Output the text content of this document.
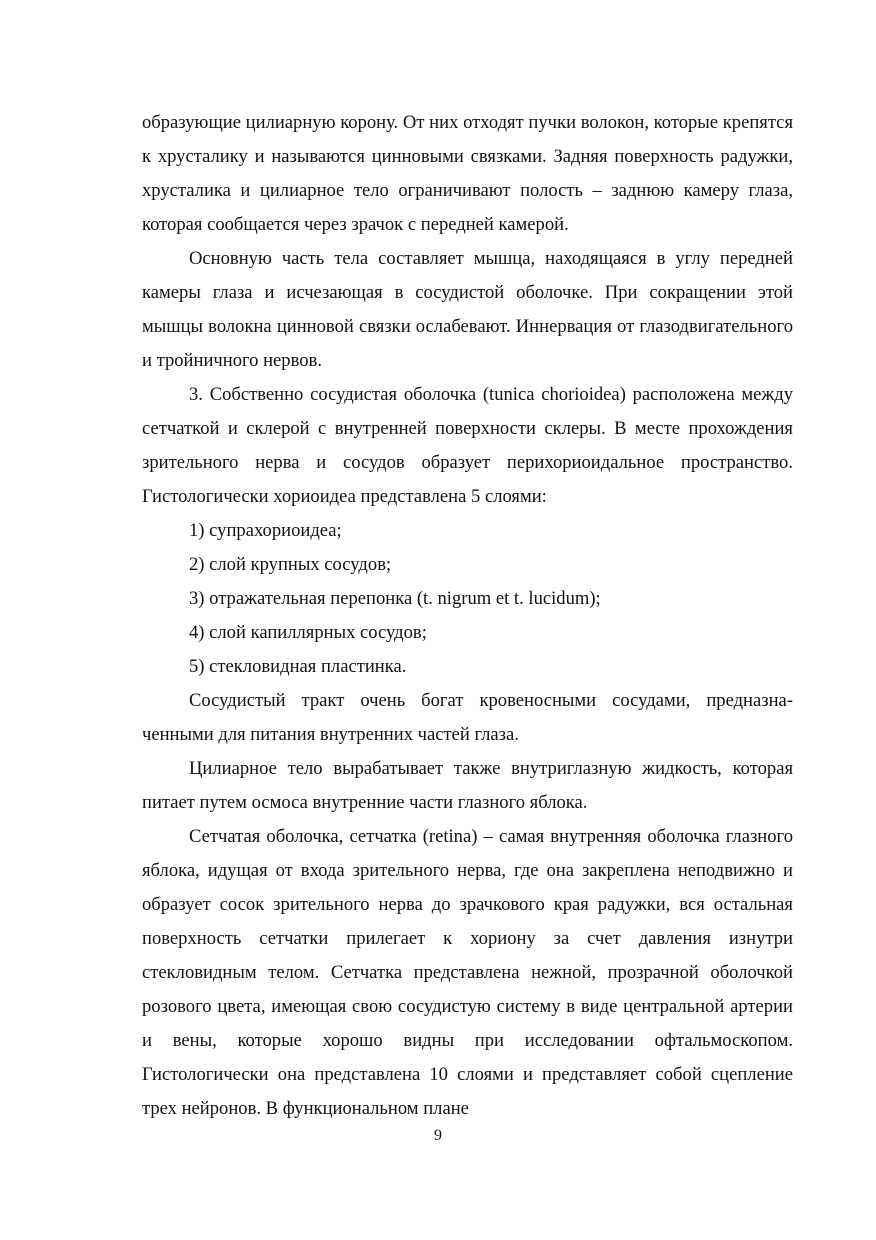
образующие цилиарную корону. От них отходят пучки волокон, которые крепятся к хрусталику и называются цинновыми связками. Задняя поверхность радужки, хрусталика и цилиарное тело ограничивают полость – заднюю камеру глаза, которая сообщается через зрачок с передней камерой.

Основную часть тела составляет мышца, находящаяся в углу передней камеры глаза и исчезающая в сосудистой оболочке. При сокращении этой мышцы волокна цинновой связки ослабевают. Иннервация от глазодвигательного и тройничного нервов.

3. Собственно сосудистая оболочка (tunica chorioidea) расположена между сетчаткой и склерой с внутренней поверхности склеры. В месте прохождения зрительного нерва и сосудов образует перихориоидальное пространство. Гистологически хориоидеа представлена 5 слоями:

1) супрахориоидеа;

2) слой крупных сосудов;

3) отражательная перепонка (t. nigrum et t. lucidum);

4) слой капиллярных сосудов;

5) стекловидная пластинка.

Сосудистый тракт очень богат кровеносными сосудами, предназна-ченными для питания внутренних частей глаза.

Цилиарное тело вырабатывает также внутриглазную жидкость, которая питает путем осмоса внутренние части глазного яблока.

Сетчатая оболочка, сетчатка (retina) – самая внутренняя оболочка глазного яблока, идущая от входа зрительного нерва, где она закреплена неподвижно и образует сосок зрительного нерва до зрачкового края радужки, вся остальная поверхность сетчатки прилегает к хориону за счет давления изнутри стекловидным телом. Сетчатка представлена нежной, прозрачной оболочкой розового цвета, имеющая свою сосудистую систему в виде центральной артерии и вены, которые хорошо видны при исследовании офтальмоскопом. Гистологически она представлена 10 слоями и представляет собой сцепление трех нейронов. В функциональном плане

9
